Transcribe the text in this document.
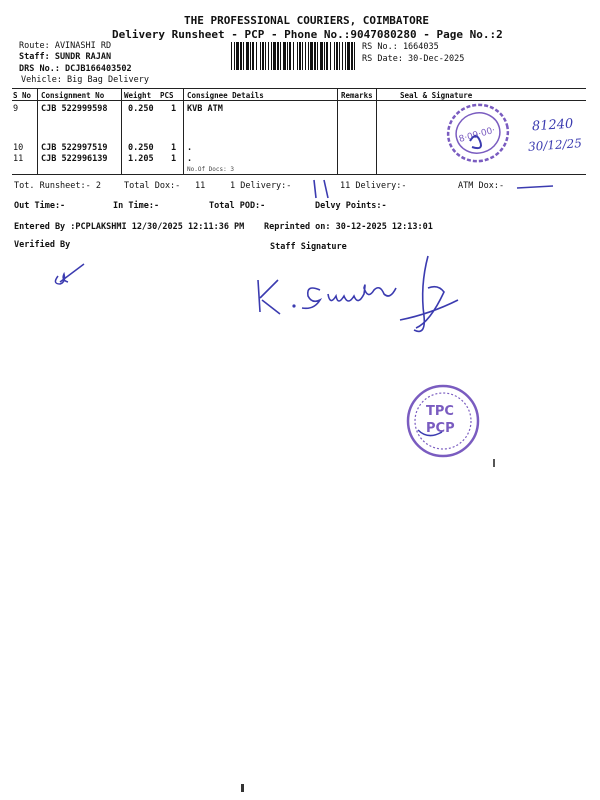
THE PROFESSIONAL COURIERS, COIMBATORE
Delivery Runsheet - PCP - Phone No.:9047080280 - Page No.:2
Route: AVINASHI RD
Staff: SUNDR RAJAN
DRS No.: DCJB166403502
Vehicle: Big Bag Delivery
RS No.: 1664035
RS Date: 30-Dec-2025
S No Consignment No	Weight PCS Consignee Details	Remarks	Seal & Signature
9	CJB 522999598 0.250 1 KVB ATM
10 CJB 522997519 0.250 1 .
11 CJB 522996139 1.205 1 .
No.Of Docs: 3
8·09·00·
81240
30/12/25
Tot. Runsheet:- 2	Total Dox:- 11	1 Delivery:-	11 Delivery:-	ATM Dox:-
Out Time:-	In Time:-	Total POD:-	Delvy Points:-
Entered By :PCPLAKSHMI 12/30/2025 12:11:36 PM Reprinted on: 30-12-2025 12:13:01
Verified By	Staff Signature
TPC
PCP
